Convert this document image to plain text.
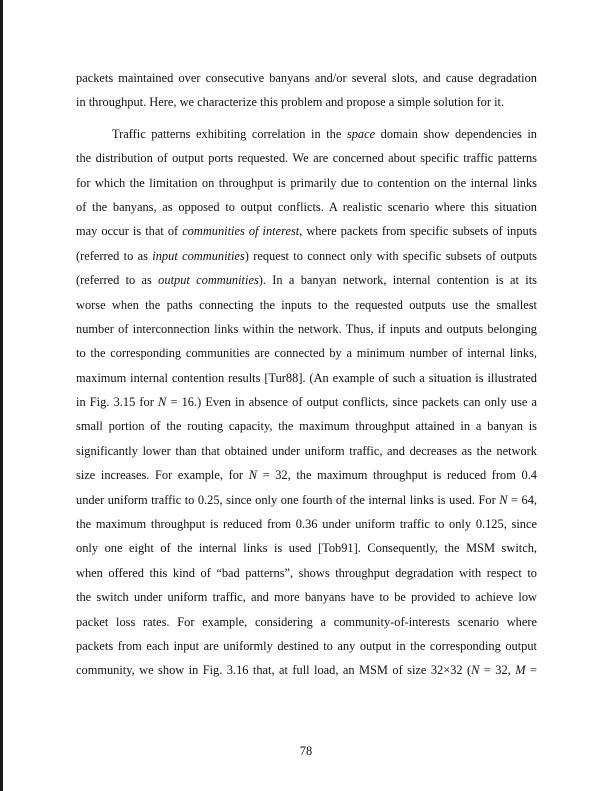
packets maintained over consecutive banyans and/or several slots, and cause degradation
in throughput. Here, we characterize this problem and propose a simple solution for it.
Traffic patterns exhibiting correlation in the space domain show dependencies in
the distribution of output ports requested. We are concerned about specific traffic patterns
for which the limitation on throughput is primarily due to contention on the internal links
of the banyans, as opposed to output conflicts. A realistic scenario where this situation
may occur is that of communities of interest, where packets from specific subsets of inputs
(referred to as input communities) request to connect only with specific subsets of outputs
(referred to as output communities). In a banyan network, internal contention is at its
worse when the paths connecting the inputs to the requested outputs use the smallest
number of interconnection links within the network. Thus, if inputs and outputs belonging
to the corresponding communities are connected by a minimum number of internal links,
maximum internal contention results [Tur88]. (An example of such a situation is illustrated
in Fig. 3.15 for N = 16.) Even in absence of output conflicts, since packets can only use a
small portion of the routing capacity, the maximum throughput attained in a banyan is
significantly lower than that obtained under uniform traffic, and decreases as the network
size increases. For example, for N = 32, the maximum throughput is reduced from 0.4
under uniform traffic to 0.25, since only one fourth of the internal links is used. For N = 64,
the maximum throughput is reduced from 0.36 under uniform traffic to only 0.125, since
only one eight of the internal links is used [Tob91]. Consequently, the MSM switch,
when offered this kind of “bad patterns”, shows throughput degradation with respect to
the switch under uniform traffic, and more banyans have to be provided to achieve low
packet loss rates. For example, considering a community-of-interests scenario where
packets from each input are uniformly destined to any output in the corresponding output
community, we show in Fig. 3.16 that, at full load, an MSM of size 32×32 (N = 32, M =
78
